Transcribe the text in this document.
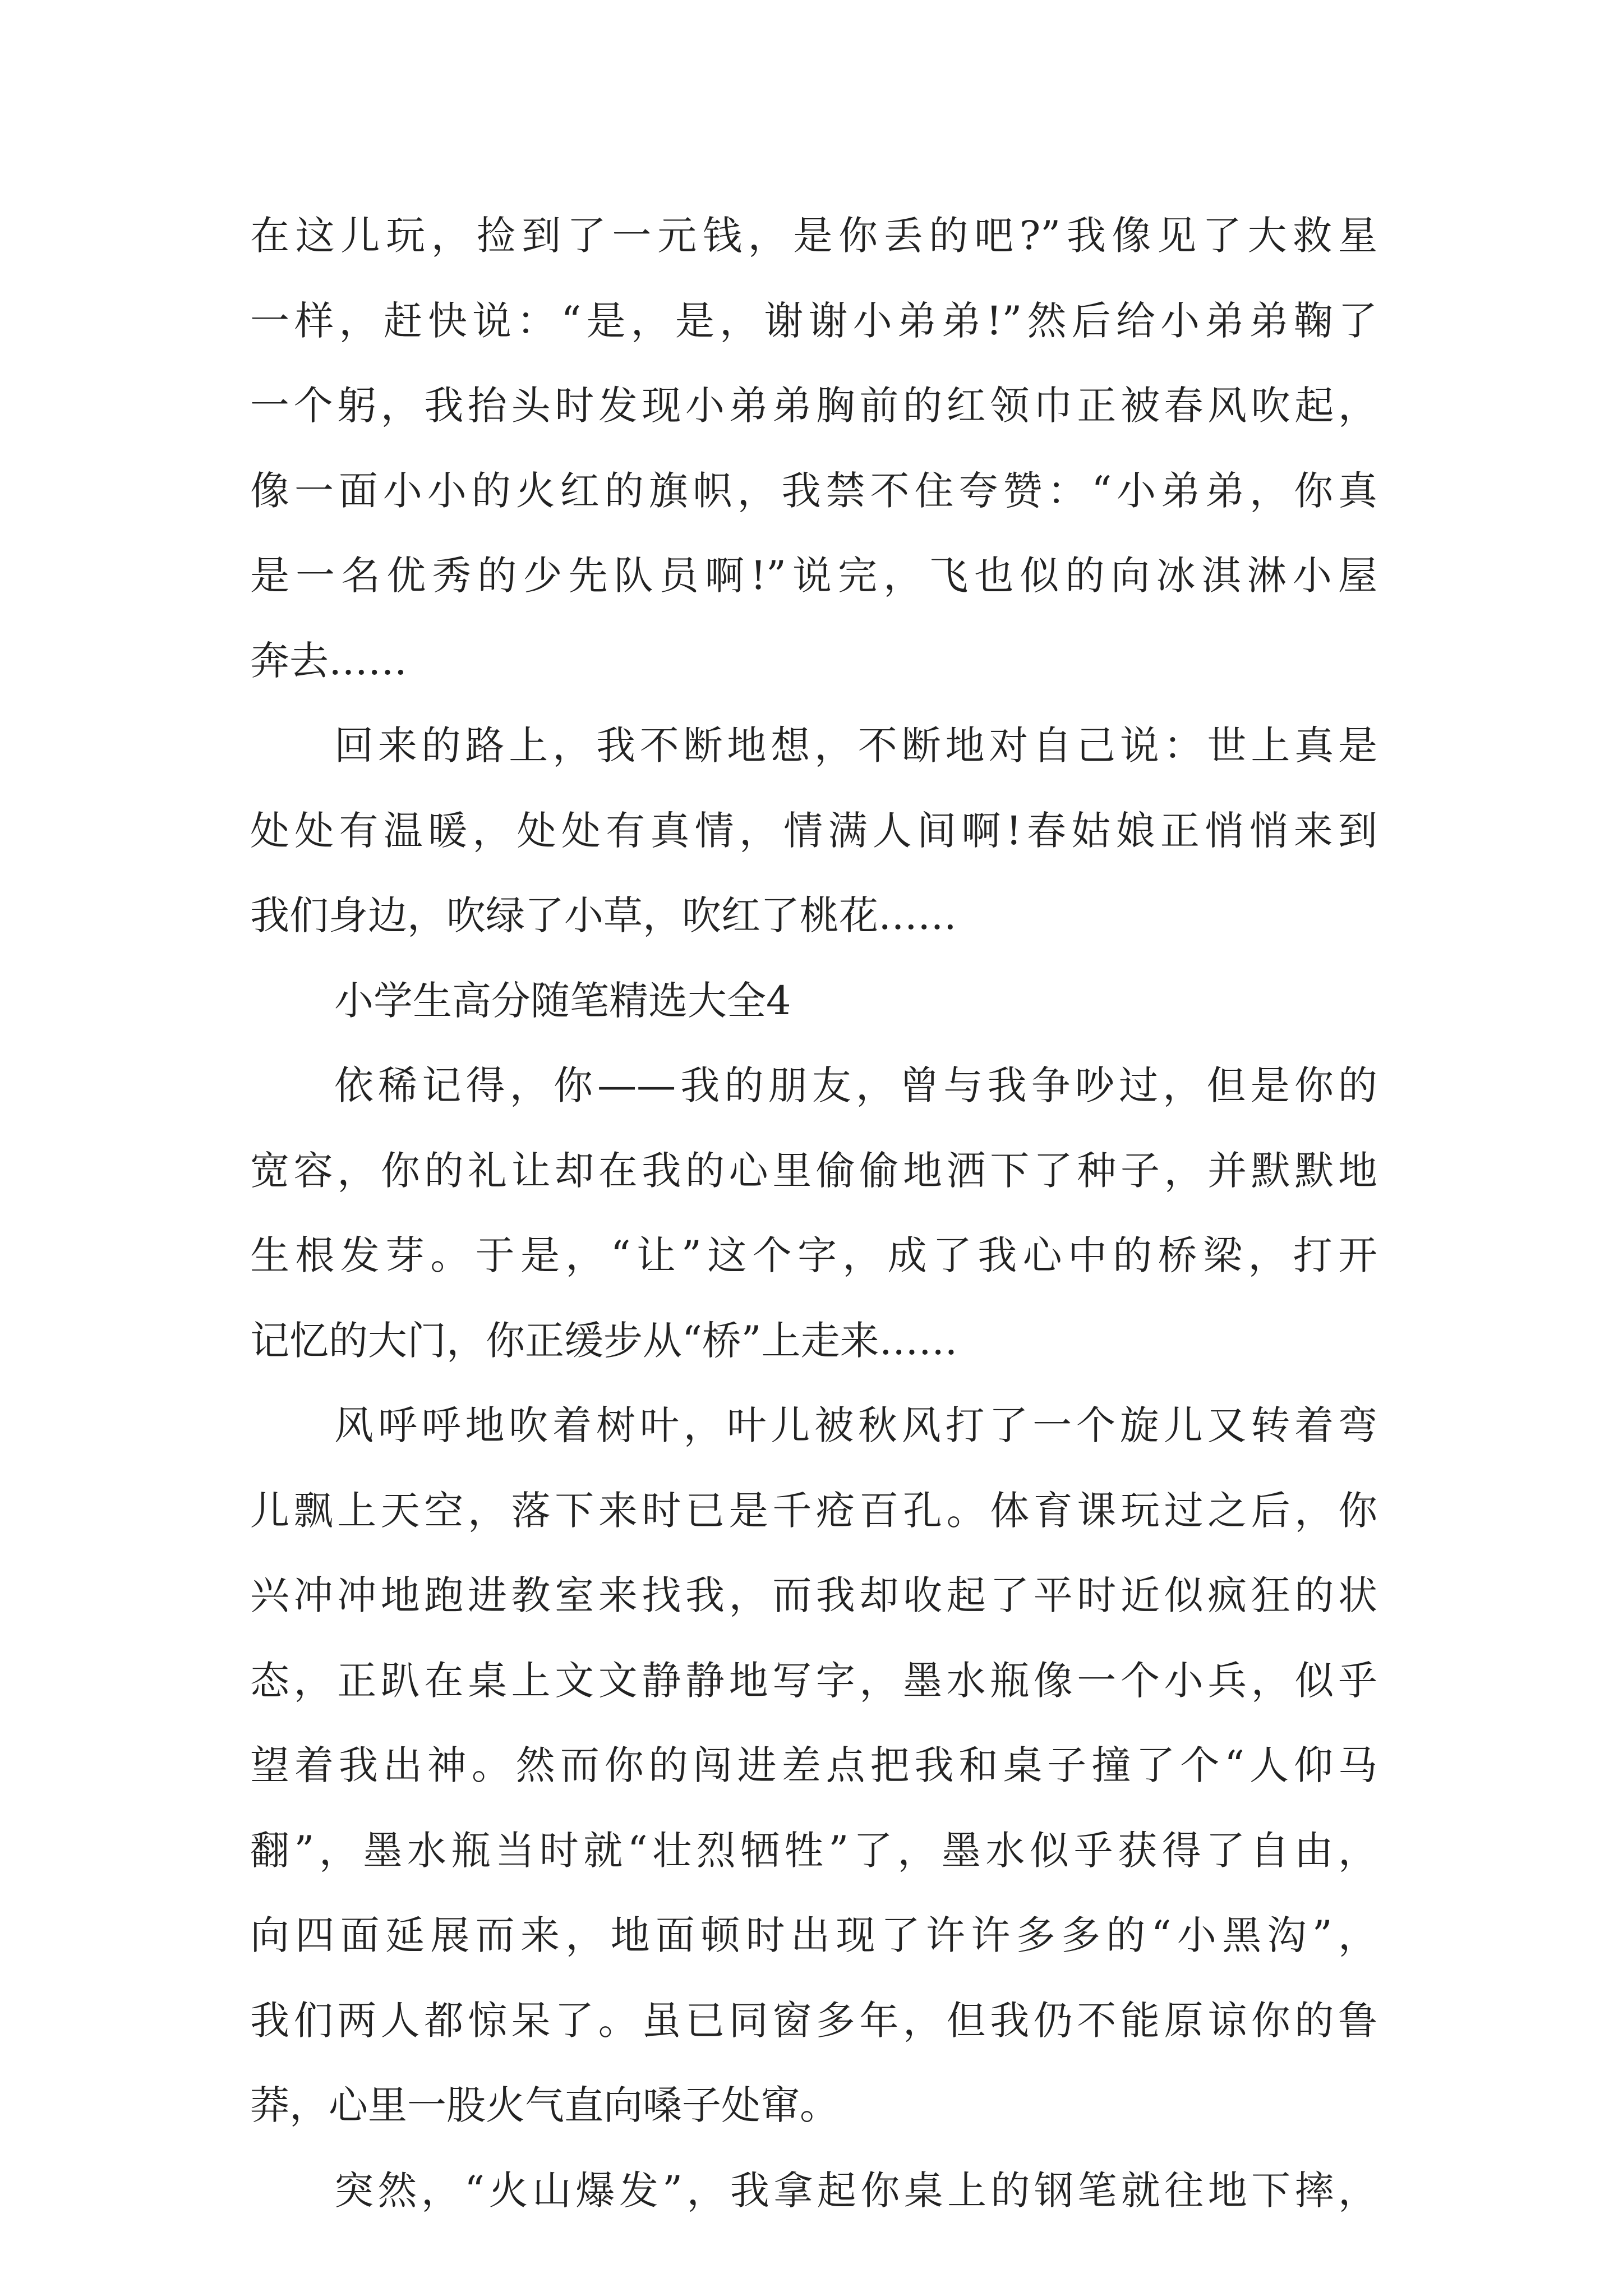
在这儿玩，捡到了一元钱，是你丢的吧?”我像见了大救星
一样，赶快说：“是，是，谢谢小弟弟!”然后给小弟弟鞠了
一个躬，我抬头时发现小弟弟胸前的红领巾正被春风吹起，
像一面小小的火红的旗帜，我禁不住夸赞：“小弟弟，你真
是一名优秀的少先队员啊!”说完，飞也似的向冰淇淋小屋
奔去……
回来的路上，我不断地想，不断地对自己说：世上真是
处处有温暖，处处有真情，情满人间啊!春姑娘正悄悄来到
我们身边，吹绿了小草，吹红了桃花……
小学生高分随笔精选大全4
依稀记得，你——我的朋友，曾与我争吵过，但是你的
宽容，你的礼让却在我的心里偷偷地洒下了种子，并默默地
生根发芽。于是，“让”这个字，成了我心中的桥梁，打开
记忆的大门，你正缓步从“桥”上走来……
风呼呼地吹着树叶，叶儿被秋风打了一个旋儿又转着弯
儿飘上天空，落下来时已是千疮百孔。体育课玩过之后，你
兴冲冲地跑进教室来找我，而我却收起了平时近似疯狂的状
态，正趴在桌上文文静静地写字，墨水瓶像一个小兵，似乎
望着我出神。然而你的闯进差点把我和桌子撞了个“人仰马
翻”，墨水瓶当时就“壮烈牺牲”了，墨水似乎获得了自由，
向四面延展而来，地面顿时出现了许许多多的“小黑沟”，
我们两人都惊呆了。虽已同窗多年，但我仍不能原谅你的鲁
莽，心里一股火气直向嗓子处窜。
突然，“火山爆发”，我拿起你桌上的钢笔就往地下摔，
